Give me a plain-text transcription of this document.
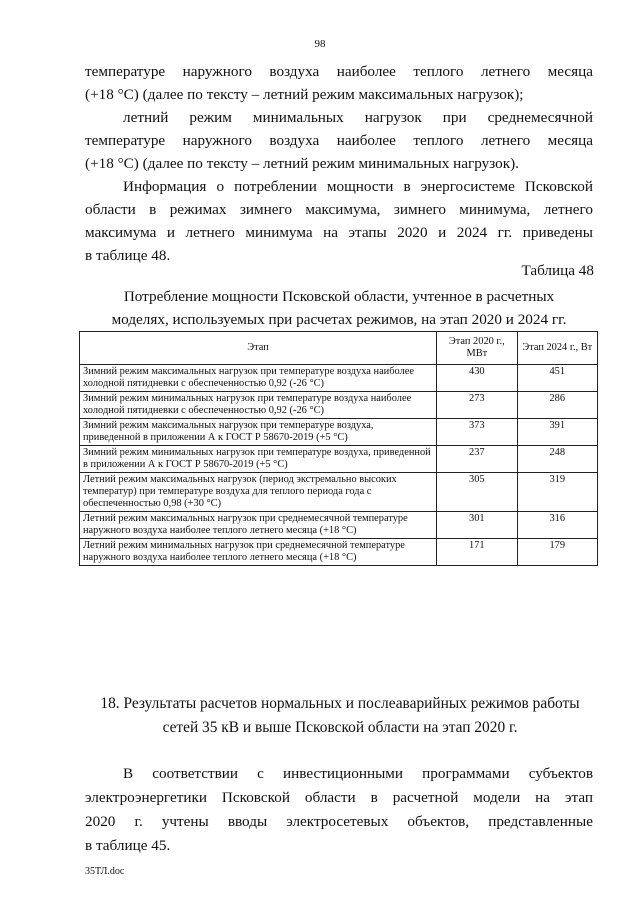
98
температуре наружного воздуха наиболее теплого летнего месяца
(+18 °С) (далее по тексту – летний режим максимальных нагрузок);
летний режим минимальных нагрузок при среднемесячной
температуре наружного воздуха наиболее теплого летнего месяца
(+18 °С) (далее по тексту – летний режим минимальных нагрузок).
Информация о потреблении мощности в энергосистеме Псковской
области в режимах зимнего максимума, зимнего минимума, летнего
максимума и летнего минимума на этапы 2020 и 2024 гг. приведены
в таблице 48.
Таблица 48
Потребление мощности Псковской области, учтенное в расчетных
моделях, используемых при расчетах режимов, на этап 2020 и 2024 гг.
Этап	Этап 2020 г., МВт	Этап 2024 г., Вт
Зимний режим максимальных нагрузок при температуре воздуха наиболее холодной пятидневки с обеспеченностью 0,92 (-26 °С)	430	451
Зимний режим минимальных нагрузок при температуре воздуха наиболее холодной пятидневки с обеспеченностью 0,92 (-26 °С)	273	286
Зимний режим максимальных нагрузок при температуре воздуха, приведенной в приложении А к ГОСТ Р 58670-2019 (+5 °С)	373	391
Зимний режим минимальных нагрузок при температуре воздуха, приведенной в приложении А к ГОСТ Р 58670-2019 (+5 °С)	237	248
Летний режим максимальных нагрузок (период экстремально высоких температур) при температуре воздуха для теплого периода года с обеспеченностью 0,98 (+30 °С)	305	319
Летний режим максимальных нагрузок при среднемесячной температуре наружного воздуха наиболее теплого летнего месяца (+18 °С)	301	316
Летний режим минимальных нагрузок при среднемесячной температуре наружного воздуха наиболее теплого летнего месяца (+18 °С)	171	179
18. Результаты расчетов нормальных и послеаварийных режимов работы
сетей 35 кВ и выше Псковской области на этап 2020 г.
В соответствии с инвестиционными программами субъектов
электроэнергетики Псковской области в расчетной модели на этап
2020 г. учтены вводы электросетевых объектов, представленные
в таблице 45.
35ТЛ.doc
